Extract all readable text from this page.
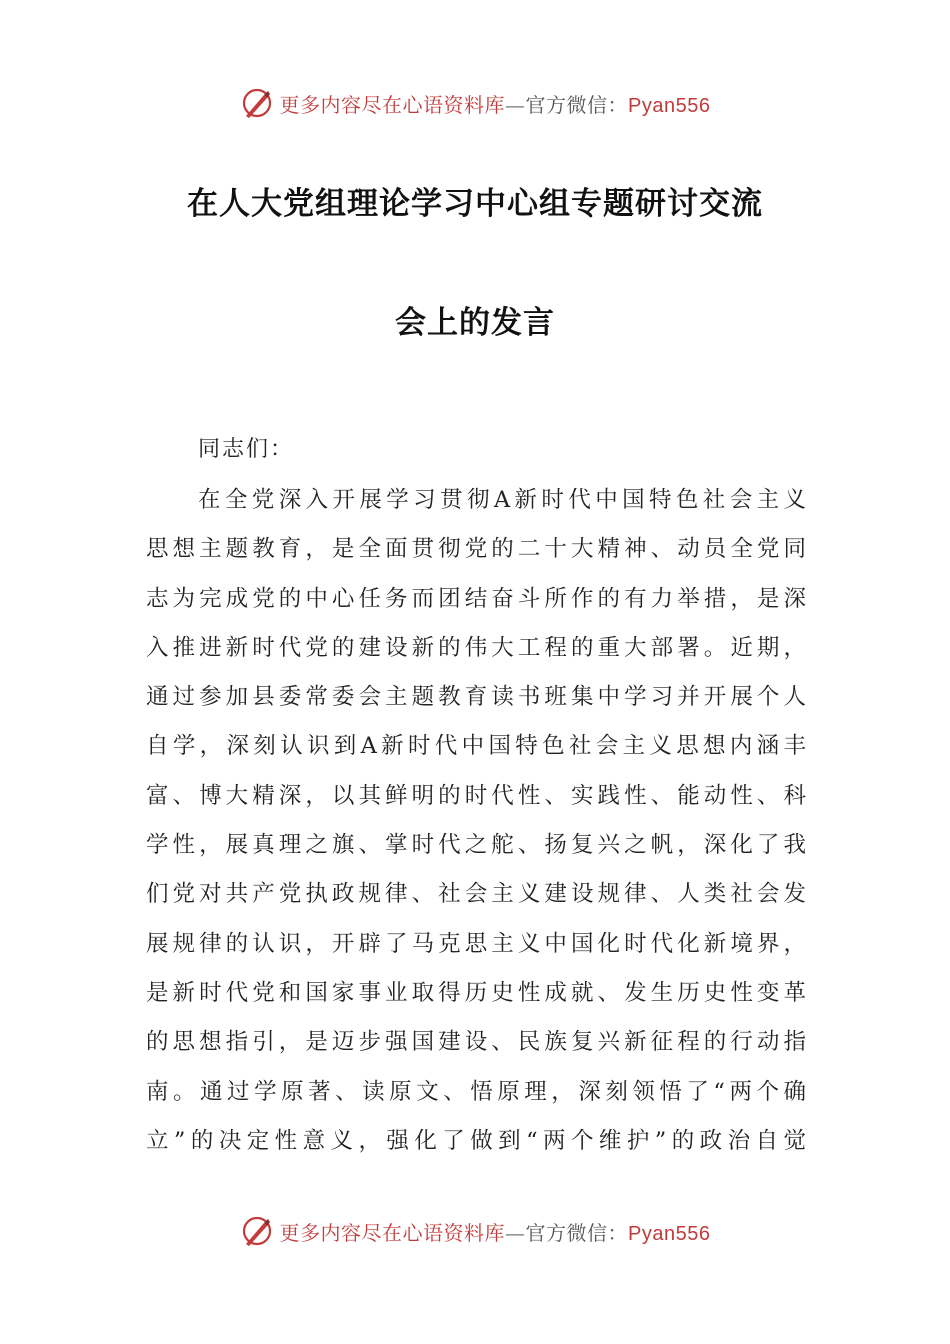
更多内容尽在心语资料库—官方微信：Pyan556
在人大党组理论学习中心组专题研讨交流
会上的发言
同志们：
在全党深入开展学习贯彻A新时代中国特色社会主义
思想主题教育，是全面贯彻党的二十大精神、动员全党同
志为完成党的中心任务而团结奋斗所作的有力举措，是深
入推进新时代党的建设新的伟大工程的重大部署。近期，
通过参加县委常委会主题教育读书班集中学习并开展个人
自学，深刻认识到A新时代中国特色社会主义思想内涵丰
富、博大精深，以其鲜明的时代性、实践性、能动性、科
学性，展真理之旗、掌时代之舵、扬复兴之帆，深化了我
们党对共产党执政规律、社会主义建设规律、人类社会发
展规律的认识，开辟了马克思主义中国化时代化新境界，
是新时代党和国家事业取得历史性成就、发生历史性变革
的思想指引，是迈步强国建设、民族复兴新征程的行动指
南。通过学原著、读原文、悟原理，深刻领悟了“两个确
立”的决定性意义，强化了做到“两个维护”的政治自觉
更多内容尽在心语资料库—官方微信：Pyan556
